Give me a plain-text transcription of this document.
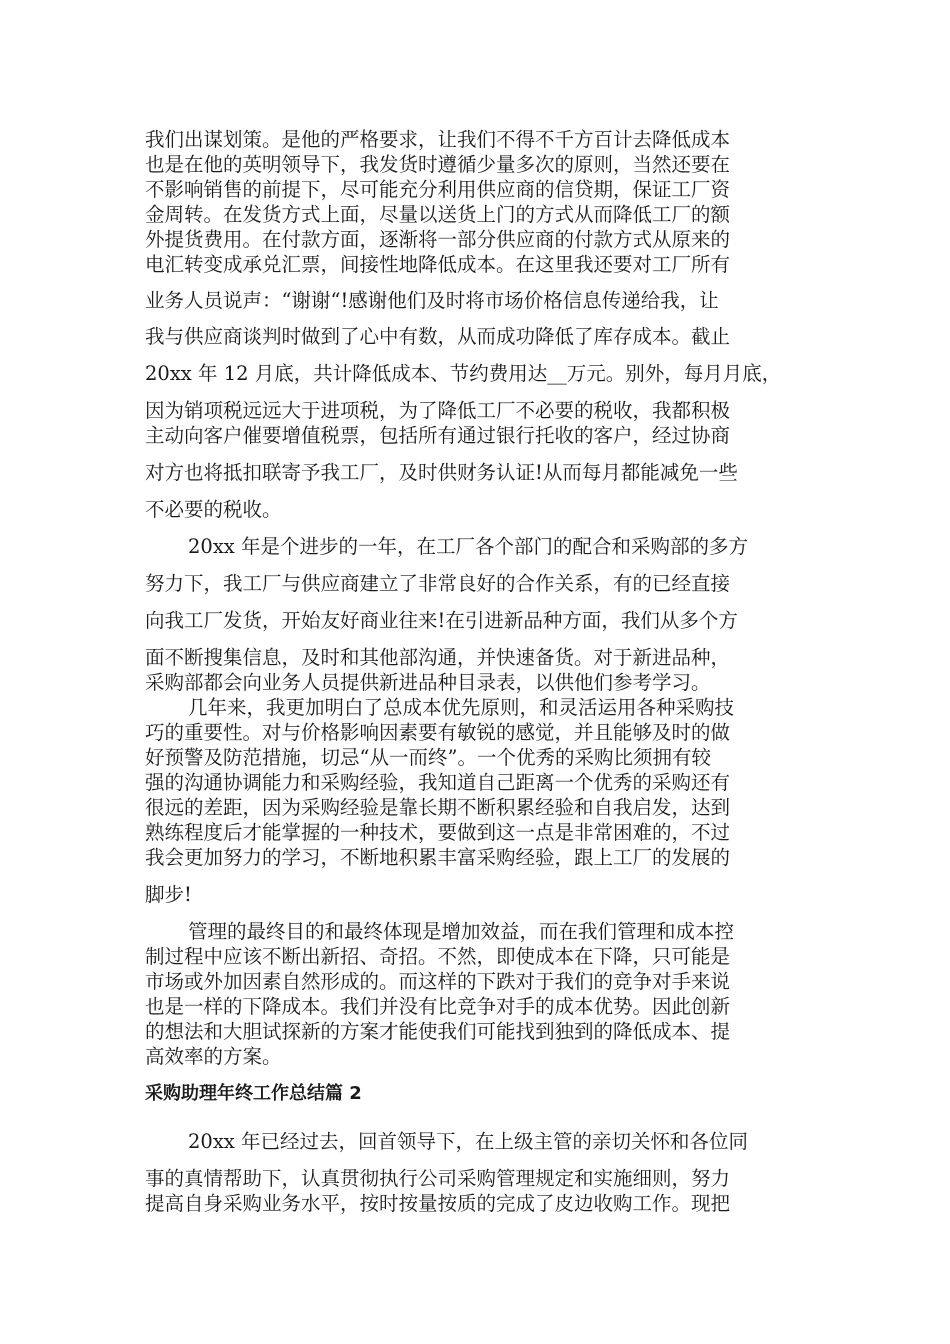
我们出谋划策。是他的严格要求，让我们不得不千方百计去降低成本
也是在他的英明领导下，我发货时遵循少量多次的原则，当然还要在
不影响销售的前提下，尽可能充分利用供应商的信贷期，保证工厂资
金周转。在发货方式上面，尽量以送货上门的方式从而降低工厂的额
外提货费用。在付款方面，逐渐将一部分供应商的付款方式从原来的
电汇转变成承兑汇票，间接性地降低成本。在这里我还要对工厂所有
业务人员说声：“谢谢“!感谢他们及时将市场价格信息传递给我，让
我与供应商谈判时做到了心中有数，从而成功降低了库存成本。截止
20xx 年 12 月底，共计降低成本、节约费用达__万元。别外，每月月底，
因为销项税远远大于进项税，为了降低工厂不必要的税收，我都积极
主动向客户催要增值税票，包括所有通过银行托收的客户，经过协商
对方也将抵扣联寄予我工厂，及时供财务认证!从而每月都能减免一些
不必要的税收。
20xx 年是个进步的一年，在工厂各个部门的配合和采购部的多方
努力下，我工厂与供应商建立了非常良好的合作关系，有的已经直接
向我工厂发货，开始友好商业往来!在引进新品种方面，我们从多个方
面不断搜集信息，及时和其他部沟通，并快速备货。对于新进品种，
采购部都会向业务人员提供新进品种目录表，以供他们参考学习。
几年来，我更加明白了总成本优先原则，和灵活运用各种采购技
巧的重要性。对与价格影响因素要有敏锐的感觉，并且能够及时的做
好预警及防范措施，切忌“从一而终”。一个优秀的采购比须拥有较
强的沟通协调能力和采购经验，我知道自己距离一个优秀的采购还有
很远的差距，因为采购经验是靠长期不断积累经验和自我启发，达到
熟练程度后才能掌握的一种技术，要做到这一点是非常困难的，不过
我会更加努力的学习，不断地积累丰富采购经验，跟上工厂的发展的
脚步!
管理的最终目的和最终体现是增加效益，而在我们管理和成本控
制过程中应该不断出新招、奇招。不然，即使成本在下降，只可能是
市场或外加因素自然形成的。而这样的下跌对于我们的竞争对手来说
也是一样的下降成本。我们并没有比竞争对手的成本优势。因此创新
的想法和大胆试探新的方案才能使我们可能找到独到的降低成本、提
高效率的方案。
采购助理年终工作总结篇 2
20xx 年已经过去，回首领导下，在上级主管的亲切关怀和各位同
事的真情帮助下，认真贯彻执行公司采购管理规定和实施细则，努力
提高自身采购业务水平，按时按量按质的完成了皮边收购工作。现把
